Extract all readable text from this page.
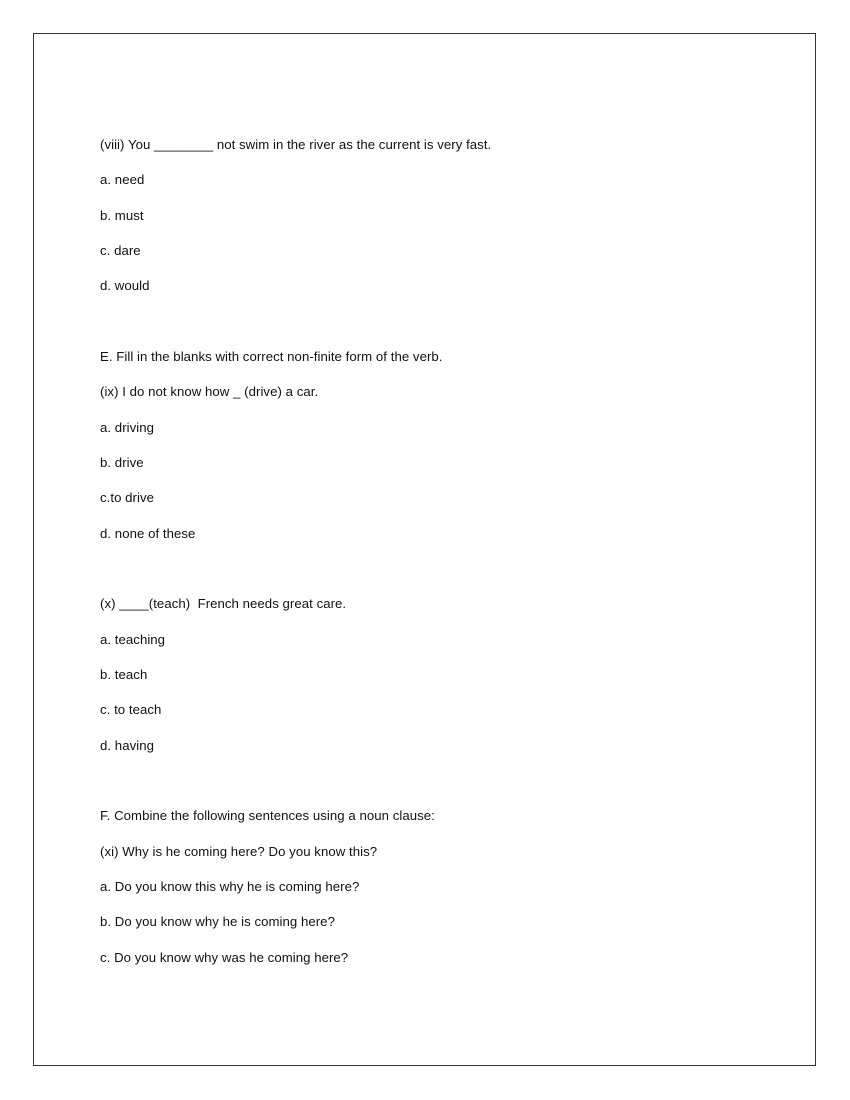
(viii) You ________ not swim in the river as the current is very fast.
a. need
b. must
c. dare
d. would
E. Fill in the blanks with correct non-finite form of the verb.
(ix) I do not know how _ (drive) a car.
a. driving
b. drive
c.to drive
d. none of these
(x) ____(teach)  French needs great care.
a. teaching
b. teach
c. to teach
d. having
F. Combine the following sentences using a noun clause:
(xi) Why is he coming here? Do you know this?
a. Do you know this why he is coming here?
b. Do you know why he is coming here?
c. Do you know why was he coming here?
